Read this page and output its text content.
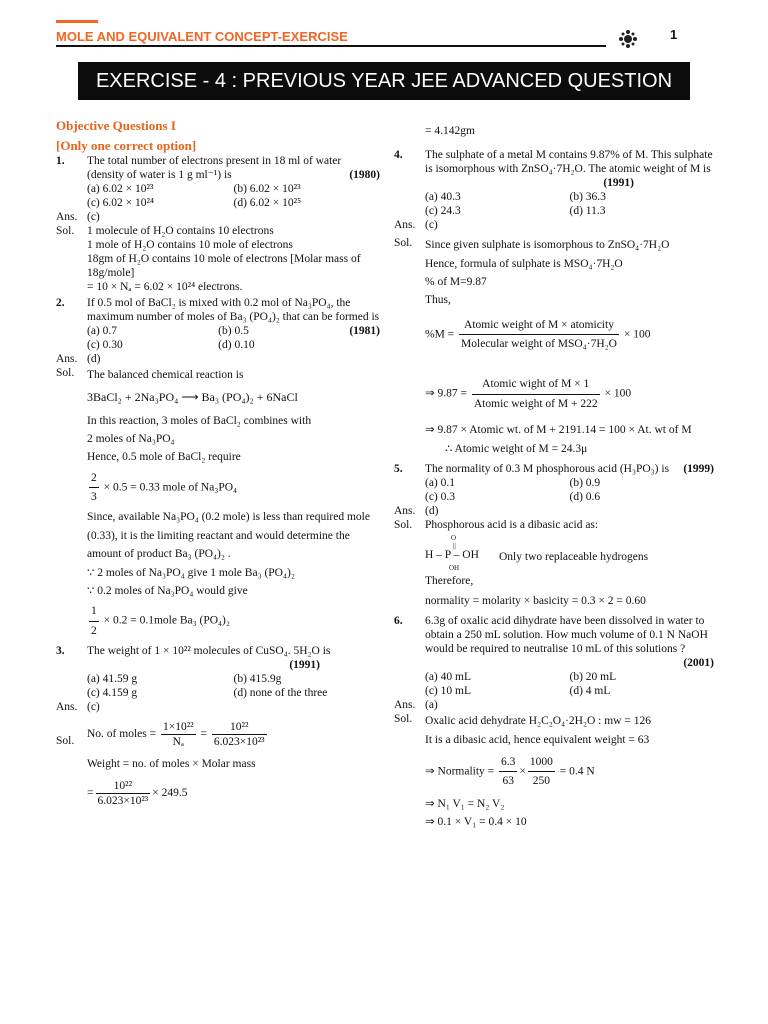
MOLE AND EQUIVALENT CONCEPT-EXERCISE	1
EXERCISE - 4 : PREVIOUS YEAR JEE ADVANCED QUESTION
Objective Questions I
[Only one correct option]
1.	The total number of electrons present in 18 ml of water (density of water is 1 g ml⁻¹) is	(1980)
(a) 6.02 × 10²³	(b) 6.02 × 10²³
(c) 6.02 × 10²⁴	(d) 6.02 × 10²⁵
Ans. (c)
Sol. 1 molecule of H₂O contains 10 electrons
1 mole of H₂O contains 10 mole of electrons
18gm of H₂O contains 10 mole of electrons [Molar mass of 18g/mole]
= 10 × Nₐ = 6.02 × 10²⁴ electrons.
2.	If 0.5 mol of BaCl₂ is mixed with 0.2 mol of Na₃PO₄, the maximum number of moles of Ba₃ (PO₄)₂ that can be formed is
(1981)
(a) 0.7	(b) 0.5
(c) 0.30	(d) 0.10
Ans. (d)
Sol. The balanced chemical reaction is
3BaCl₂ + 2Na₃PO₄ ⟶ Ba₃ (PO₄)₂ + 6NaCl
In this reaction, 3 moles of BaCl₂ combines with
2 moles of Na₃PO₄
Hence, 0.5 mole of BaCl₂ require
$\frac{2}{3} \times 0.5 = 0.33$ mole of Na₃PO₄
Since, available Na₃PO₄ (0.2 mole) is less than required mole (0.33), it is the limiting reactant and would determine the amount of product Ba₃ (PO₄)₂ .
∵ 2 moles of Na₃PO₄ give 1 mole Ba₃ (PO₄)₂
∵ 0.2 moles of Na₃PO₄ would give
$\frac{1}{2} \times 0.2$ = 0.1mole Ba₃ (PO₄)₂
3.	The weight of 1 × 10²² molecules of CuSO₄. 5H₂O is

(1991)
(a) 41.59 g	(b) 415.9g
(c) 4.159 g	(d) none of the three
Ans. (c)
Sol.
No. of moles = $\frac{\text{1×10²²}}{\text{Nₐ}} = \frac{\text{10²²}}{\text{6.023×10²³}}$
Weight = no. of moles × Molar mass
= $\frac{\text{10²²}}{\text{6.023×10²³}} \times 249.5$
= 4.142gm
4.	The sulphate of a metal M contains 9.87% of M. This sulphate is isomorphous with ZnSO₄·7H₂O. The atomic weight of M is
(1991)
(a) 40.3	(b) 36.3
(c) 24.3	(d) 11.3
Ans. (c)
Sol. Since given sulphate is isomorphous to ZnSO₄·7H₂O
Hence, formula of sulphate is MSO₄·7H₂O
% of M=9.87
Thus,
$\%M = \frac{\text{Atomic weight of M × atomicity}}{\text{Molecular weight of MSO₄·7H₂O}} \times 100$
⇒ $9.87 = \frac{\text{Atomic wight of M × 1}}{\text{Atomic weight of M + 222}} \times 100$
⇒ 9.87 × Atomic wt. of M + 2191.14 = 100 × At. wt of M
∴ Atomic weight of M = 24.3μ
5.	The normality of 0.3 M phosphorous acid (H₃PO₃) is (1999)
(a) 0.1	(b) 0.9
(c) 0.3	(d) 0.6
Ans. (d)
Sol.	Phosphorous acid is a dibasic acid as:
O
||
H – P – OH
OH
Only two replaceable hydrogens
Therefore,
normality = molarity × basicity = 0.3 × 2 = 0.60
6.	6.3g of oxalic acid dihydrate have been dissolved in water to obtain a 250 mL solution. How much volume of 0.1 N NaOH would be required to neutralise 10 mL of this solutions ?
(2001)
(a) 40 mL	(b) 20 mL
(c) 10 mL	(d) 4 mL
Ans. (a)
Sol. Oxalic acid dehydrate H₂C₂O₄·2H₂O : mw = 126
It is a dibasic acid, hence equivalent weight = 63
⇒ Normality = $\frac{6.3}{63} \times \frac{1000}{250} = 0.4$ N
⇒ N₁ V₁ = N₂ V₂
⇒ 0.1 × V₁ = 0.4 × 10
